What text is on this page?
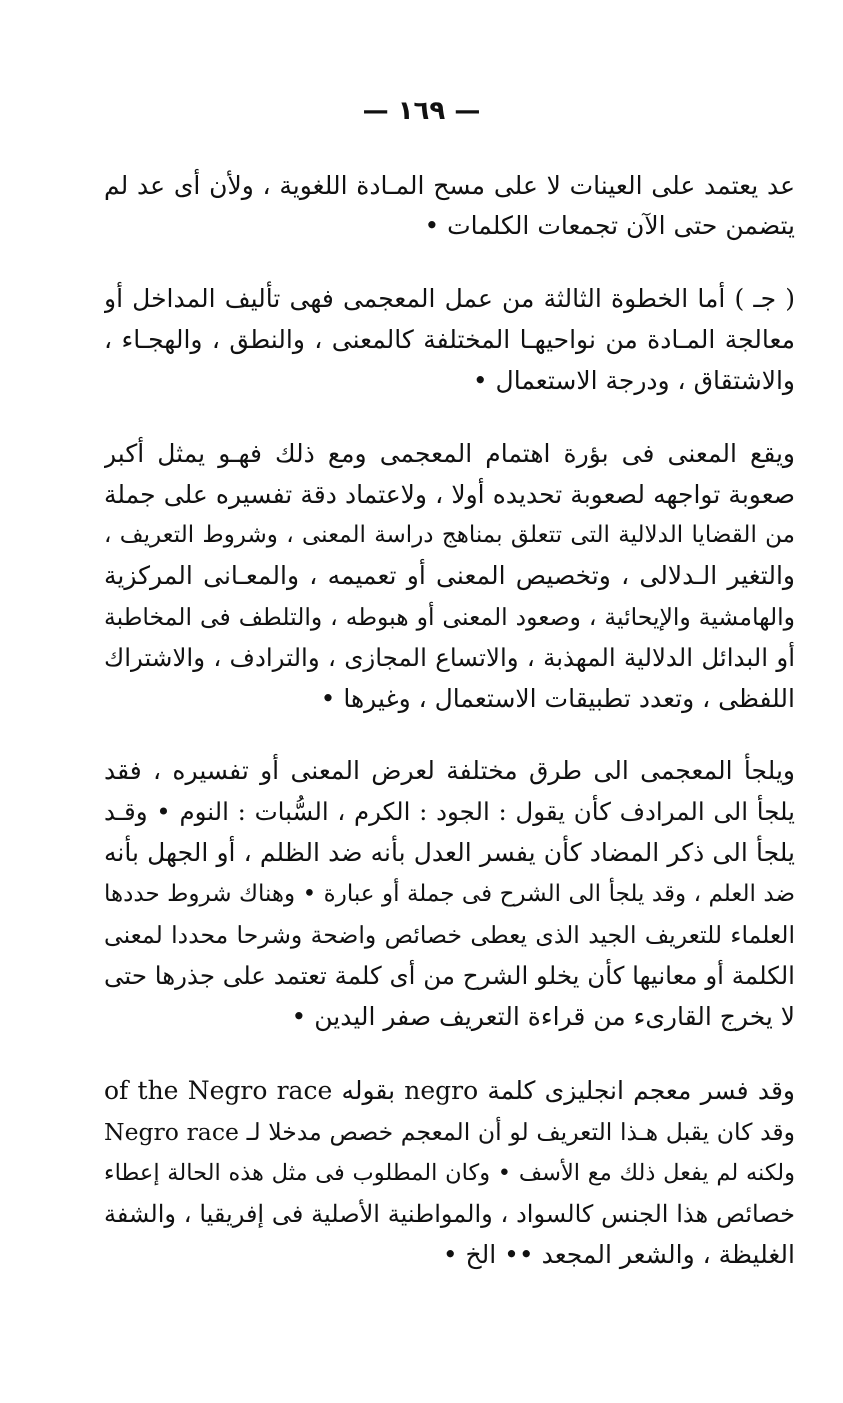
— ١٦٩ —
عد يعتمد على العينات لا على مسح المـادة اللغوية ، ولأن أى عد لم
يتضمن حتى الآن تجمعات الكلمات •
( جـ ) أما الخطوة الثالثة من عمل المعجمى فهى تأليف المداخل أو
معالجة المـادة من نواحيهـا المختلفة كالمعنى ، والنطق ، والهجـاء ،
والاشتقاق ، ودرجة الاستعمال •
ويقع المعنى فى بؤرة اهتمام المعجمى ومع ذلك فهـو يمثل أكبر
صعوبة تواجهه لصعوبة تحديده أولا ، ولاعتماد دقة تفسيره على جملة
من القضايا الدلالية التى تتعلق بمناهج دراسة المعنى ، وشروط التعريف ،
والتغير الـدلالى ، وتخصيص المعنى أو تعميمه ، والمعـانى المركزية
والهامشية والإيحائية ، وصعود المعنى أو هبوطه ، والتلطف فى المخاطبة
أو البدائل الدلالية المهذبة ، والاتساع المجازى ، والترادف ، والاشتراك
اللفظى ، وتعدد تطبيقات الاستعمال ، وغيرها •
ويلجأ المعجمى الى طرق مختلفة لعرض المعنى أو تفسيره ، فقد
يلجأ الى المرادف كأن يقول : الجود : الكرم ، السُّبات : النوم • وقـد
يلجأ الى ذكر المضاد كأن يفسر العدل بأنه ضد الظلم ، أو الجهل بأنه
ضد العلم ، وقد يلجأ الى الشرح فى جملة أو عبارة • وهناك شروط حددها
العلماء للتعريف الجيد الذى يعطى خصائص واضحة وشرحا محددا لمعنى
الكلمة أو معانيها كأن يخلو الشرح من أى كلمة تعتمد على جذرها حتى
لا يخرج القارىء من قراءة التعريف صفر اليدين •
وقد فسر معجم انجليزى كلمة negro بقوله of the Negro race
وقد كان يقبل هـذا التعريف لو أن المعجم خصص مدخلا لـ Negro race
ولكنه لم يفعل ذلك مع الأسف • وكان المطلوب فى مثل هذه الحالة إعطاء
خصائص هذا الجنس كالسواد ، والمواطنية الأصلية فى إفريقيا ، والشفة
الغليظة ، والشعر المجعد •• الخ •
